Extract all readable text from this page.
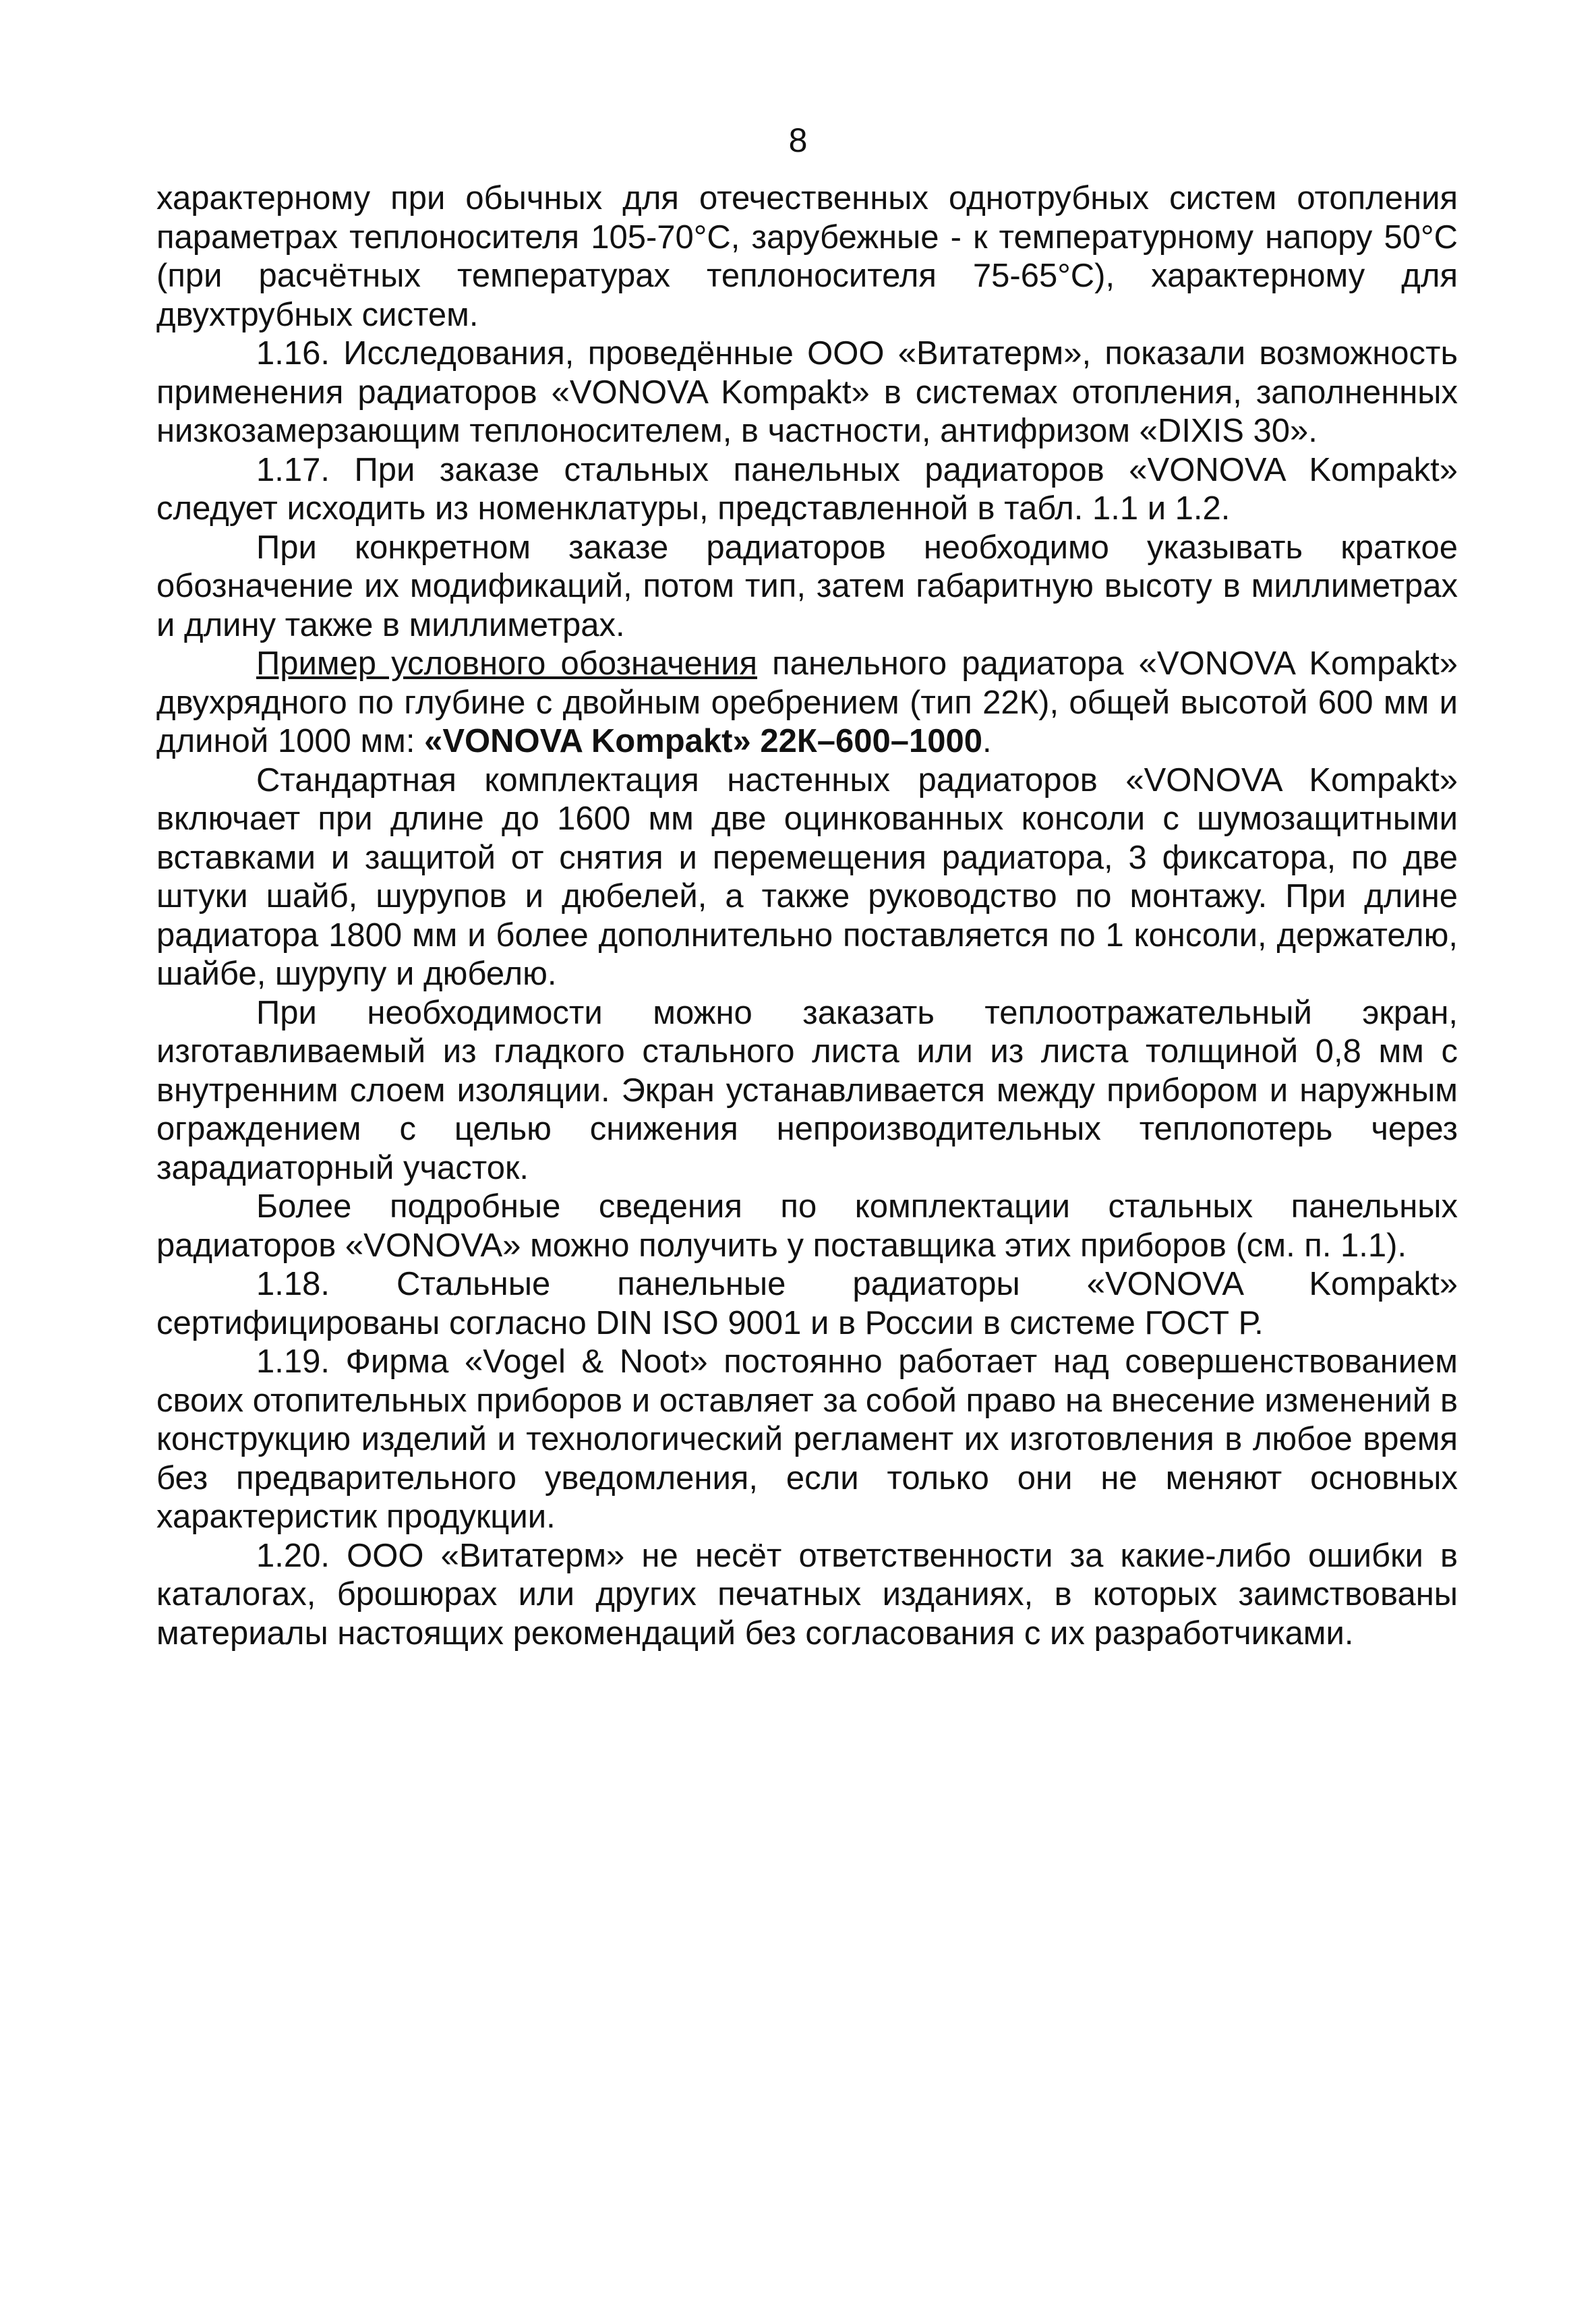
8

характерному при обычных для отечественных однотрубных систем отопления параметрах теплоносителя 105-70°С, зарубежные - к температурному напору 50°С (при расчётных температурах теплоносителя 75-65°С), характерному для двухтрубных систем.

1.16. Исследования, проведённые ООО «Витатерм», показали возможность применения радиаторов «VONOVA Kompakt» в системах отопления, заполненных низкозамерзающим теплоносителем, в частности, антифризом «DIXIS 30».

1.17. При заказе стальных панельных радиаторов «VONOVA Kompakt» следует исходить из номенклатуры, представленной в табл. 1.1 и 1.2.

При конкретном заказе радиаторов необходимо указывать краткое обозначение их модификаций, потом тип, затем габаритную высоту в миллиметрах и длину также в миллиметрах.

Пример условного обозначения панельного радиатора «VONOVA Kompakt» двухрядного по глубине с двойным оребрением (тип 22К), общей высотой 600 мм и длиной 1000 мм: «VONOVA Kompakt» 22К–600–1000.

Стандартная комплектация настенных радиаторов «VONOVA Kompakt» включает при длине до 1600 мм две оцинкованных консоли с шумозащитными вставками и защитой от снятия и перемещения радиатора, 3 фиксатора, по две штуки шайб, шурупов и дюбелей, а также руководство по монтажу. При длине радиатора 1800 мм и более дополнительно поставляется по 1 консоли, держателю, шайбе, шурупу и дюбелю.

При необходимости можно заказать теплоотражательный экран, изготавливаемый из гладкого стального листа или из листа толщиной 0,8 мм с внутренним слоем изоляции. Экран устанавливается между прибором и наружным ограждением с целью снижения непроизводительных теплопотерь через зарадиаторный участок.

Более подробные сведения по комплектации стальных панельных радиаторов «VONOVA» можно получить у поставщика этих приборов (см. п. 1.1).

1.18. Стальные панельные радиаторы «VONOVA Kompakt» сертифицированы согласно DIN ISO 9001 и в России в системе ГОСТ Р.

1.19. Фирма «Vogel & Noot» постоянно работает над совершенствованием своих отопительных приборов и оставляет за собой право на внесение изменений в конструкцию изделий и технологический регламент их изготовления в любое время без предварительного уведомления, если только они не меняют основных характеристик продукции.

1.20. ООО «Витатерм» не несёт ответственности за какие-либо ошибки в каталогах, брошюрах или других печатных изданиях, в которых заимствованы материалы настоящих рекомендаций без согласования с их разработчиками.
